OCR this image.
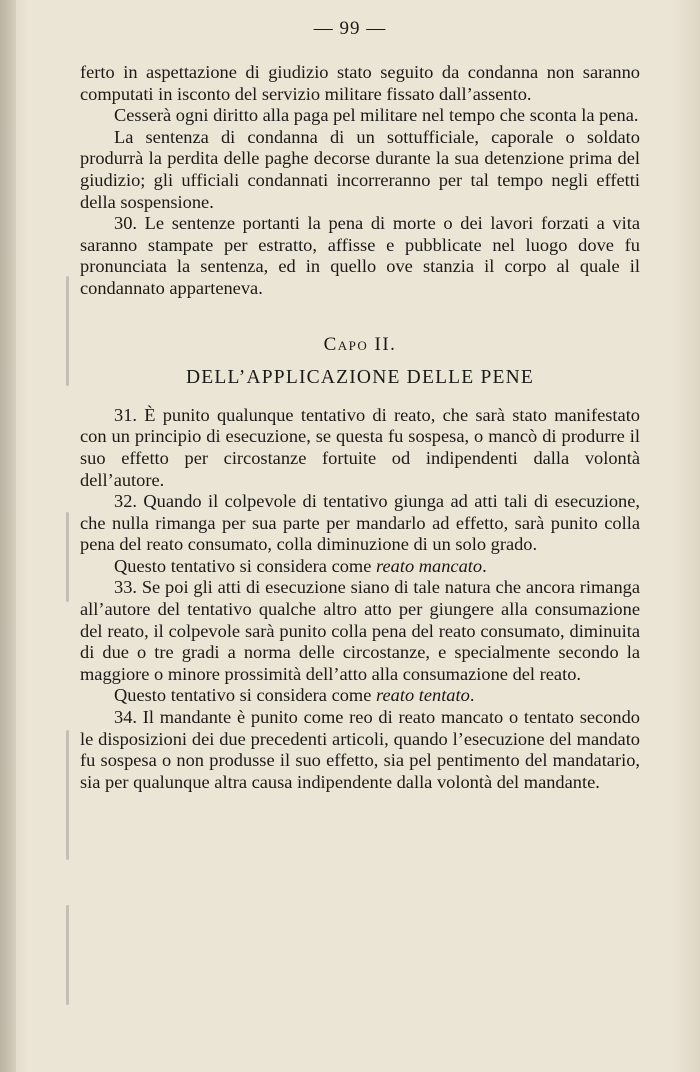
— 99 —

ferto in aspettazione di giudizio stato seguito da condanna non saranno computati in isconto del servizio militare fissato dall’assento.

Cesserà ogni diritto alla paga pel militare nel tempo che sconta la pena.

La sentenza di condanna di un sottufficiale, caporale o soldato produrrà la perdita delle paghe decorse durante la sua detenzione prima del giudizio; gli ufficiali condannati incorreranno per tal tempo negli effetti della sospensione.

30. Le sentenze portanti la pena di morte o dei lavori forzati a vita saranno stampate per estratto, affisse e pubblicate nel luogo dove fu pronunciata la sentenza, ed in quello ove stanzia il corpo al quale il condannato apparteneva.

Capo II.

DELL’APPLICAZIONE DELLE PENE

31. È punito qualunque tentativo di reato, che sarà stato manifestato con un principio di esecuzione, se questa fu sospesa, o mancò di produrre il suo effetto per circostanze fortuite od indipendenti dalla volontà dell’autore.

32. Quando il colpevole di tentativo giunga ad atti tali di esecuzione, che nulla rimanga per sua parte per mandarlo ad effetto, sarà punito colla pena del reato consumato, colla diminuzione di un solo grado.

Questo tentativo si considera come reato mancato.

33. Se poi gli atti di esecuzione siano di tale natura che ancora rimanga all’autore del tentativo qualche altro atto per giungere alla consumazione del reato, il colpevole sarà punito colla pena del reato consumato, diminuita di due o tre gradi a norma delle circostanze, e specialmente secondo la maggiore o minore prossimità dell’atto alla consumazione del reato.

Questo tentativo si considera come reato tentato.

34. Il mandante è punito come reo di reato mancato o tentato secondo le disposizioni dei due precedenti articoli, quando l’esecuzione del mandato fu sospesa o non produsse il suo effetto, sia pel pentimento del mandatario, sia per qualunque altra causa indipendente dalla volontà del mandante.
